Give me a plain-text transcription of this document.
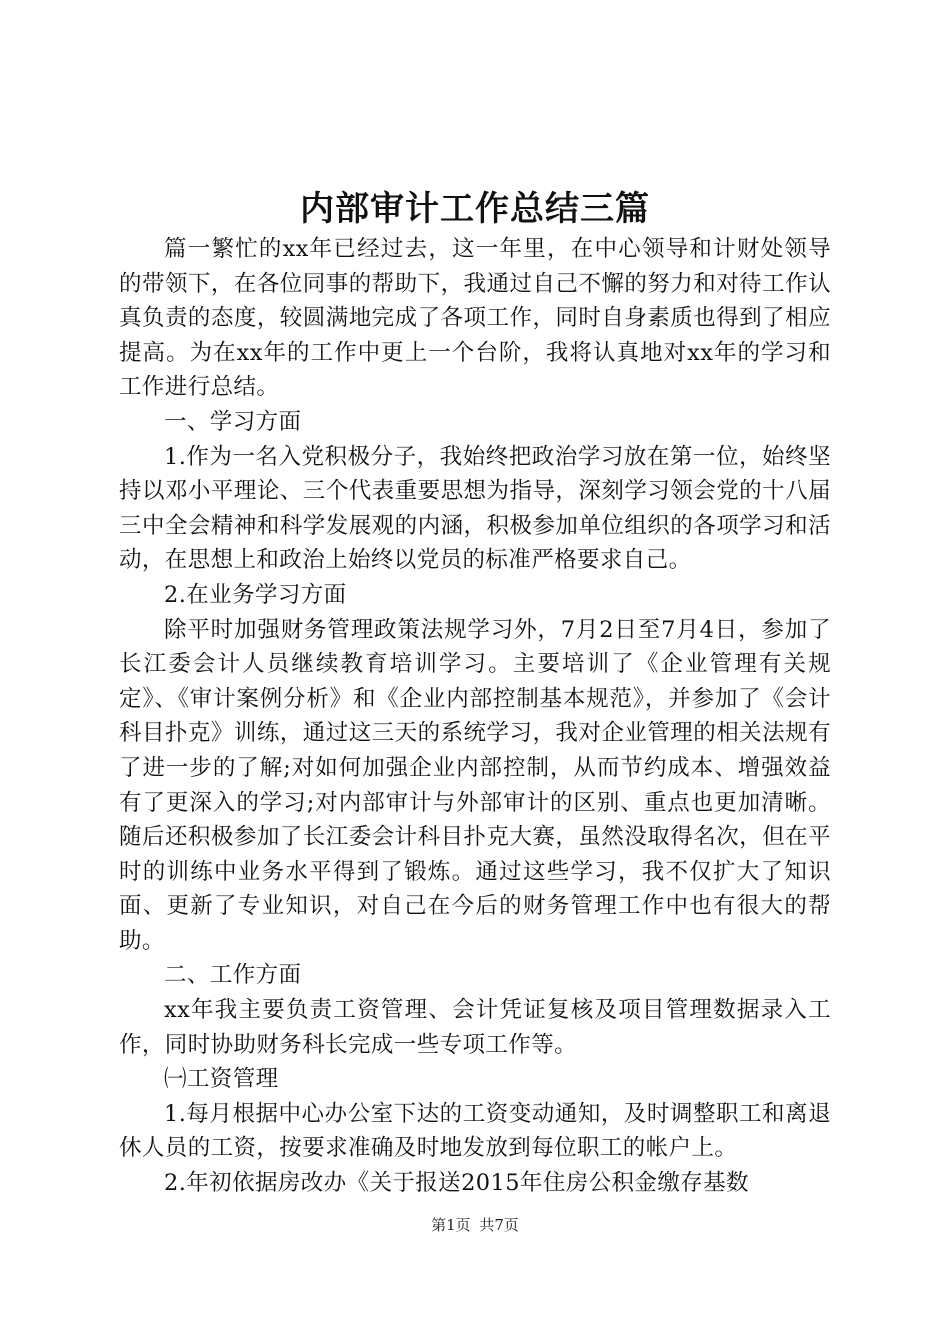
内部审计工作总结三篇

篇一繁忙的xx年已经过去，这一年里，在中心领导和计财处领导的带领下，在各位同事的帮助下，我通过自己不懈的努力和对待工作认真负责的态度，较圆满地完成了各项工作，同时自身素质也得到了相应提高。为在xx年的工作中更上一个台阶，我将认真地对xx年的学习和工作进行总结。

一、学习方面

1.作为一名入党积极分子，我始终把政治学习放在第一位，始终坚持以邓小平理论、三个代表重要思想为指导，深刻学习领会党的十八届三中全会精神和科学发展观的内涵，积极参加单位组织的各项学习和活动，在思想上和政治上始终以党员的标准严格要求自己。

2.在业务学习方面

除平时加强财务管理政策法规学习外，7月2日至7月4日，参加了长江委会计人员继续教育培训学习。主要培训了《企业管理有关规定》、《审计案例分析》和《企业内部控制基本规范》，并参加了《会计科目扑克》训练，通过这三天的系统学习，我对企业管理的相关法规有了进一步的了解;对如何加强企业内部控制，从而节约成本、增强效益有了更深入的学习;对内部审计与外部审计的区别、重点也更加清晰。随后还积极参加了长江委会计科目扑克大赛，虽然没取得名次，但在平时的训练中业务水平得到了锻炼。通过这些学习，我不仅扩大了知识面、更新了专业知识，对自己在今后的财务管理工作中也有很大的帮助。

二、工作方面

xx年我主要负责工资管理、会计凭证复核及项目管理数据录入工作，同时协助财务科长完成一些专项工作等。

㈠工资管理

1.每月根据中心办公室下达的工资变动通知，及时调整职工和离退休人员的工资，按要求准确及时地发放到每位职工的帐户上。

2.年初依据房改办《关于报送2015年住房公积金缴存基数

第1页 共7页
